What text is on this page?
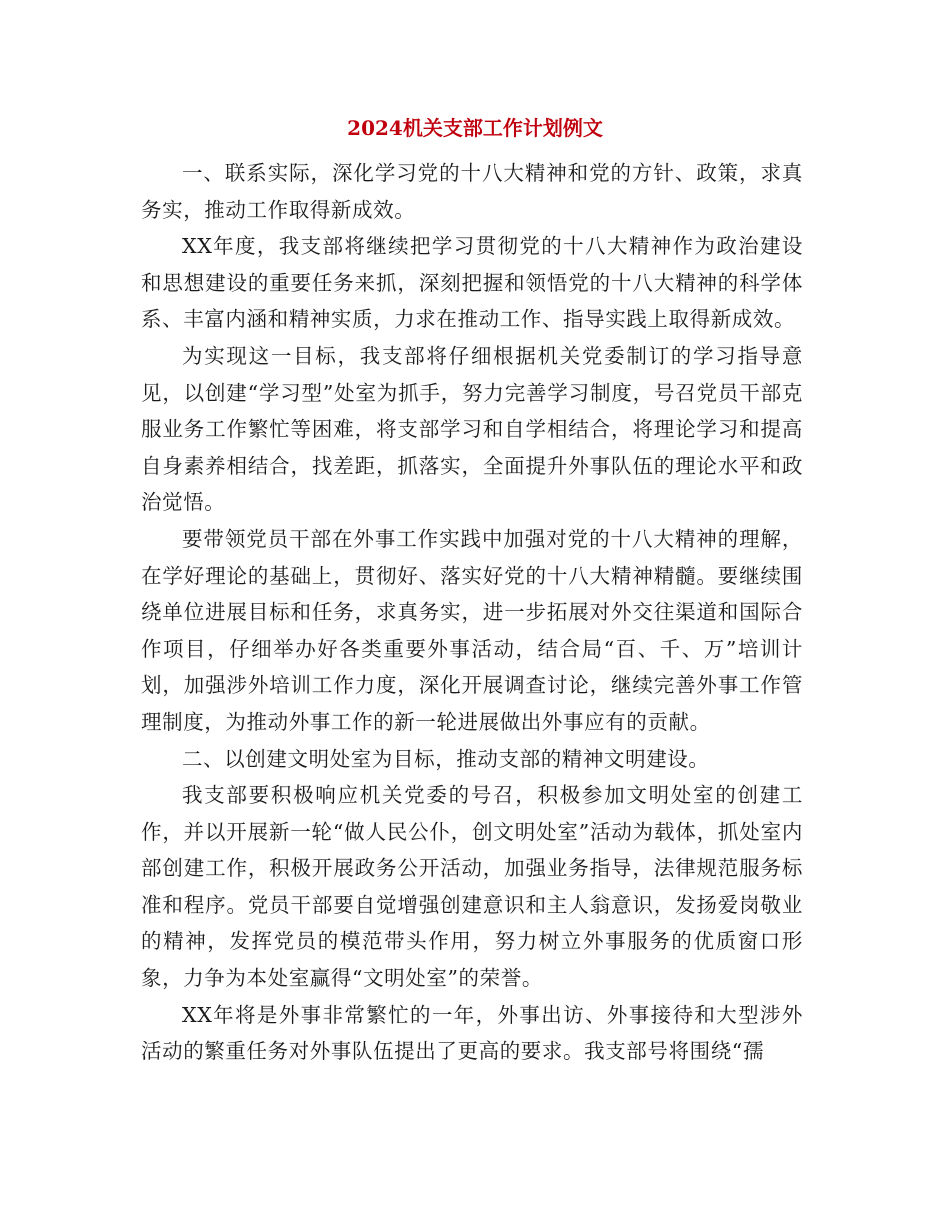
2024机关支部工作计划例文

一、联系实际，深化学习党的十八大精神和党的方针、政策，求真务实，推动工作取得新成效。

XX年度，我支部将继续把学习贯彻党的十八大精神作为政治建设和思想建设的重要任务来抓，深刻把握和领悟党的十八大精神的科学体系、丰富内涵和精神实质，力求在推动工作、指导实践上取得新成效。

为实现这一目标，我支部将仔细根据机关党委制订的学习指导意见，以创建“学习型”处室为抓手，努力完善学习制度，号召党员干部克服业务工作繁忙等困难，将支部学习和自学相结合，将理论学习和提高自身素养相结合，找差距，抓落实，全面提升外事队伍的理论水平和政治觉悟。

要带领党员干部在外事工作实践中加强对党的十八大精神的理解，在学好理论的基础上，贯彻好、落实好党的十八大精神精髓。要继续围绕单位进展目标和任务，求真务实，进一步拓展对外交往渠道和国际合作项目，仔细举办好各类重要外事活动，结合局“百、千、万”培训计划，加强涉外培训工作力度，深化开展调查讨论，继续完善外事工作管理制度，为推动外事工作的新一轮进展做出外事应有的贡献。

二、以创建文明处室为目标，推动支部的精神文明建设。

我支部要积极响应机关党委的号召，积极参加文明处室的创建工作，并以开展新一轮“做人民公仆，创文明处室”活动为载体，抓处室内部创建工作，积极开展政务公开活动，加强业务指导，法律规范服务标准和程序。党员干部要自觉增强创建意识和主人翁意识，发扬爱岗敬业的精神，发挥党员的模范带头作用，努力树立外事服务的优质窗口形象，力争为本处室赢得“文明处室”的荣誉。

XX年将是外事非常繁忙的一年，外事出访、外事接待和大型涉外活动的繁重任务对外事队伍提出了更高的要求。我支部号将围绕“孺
